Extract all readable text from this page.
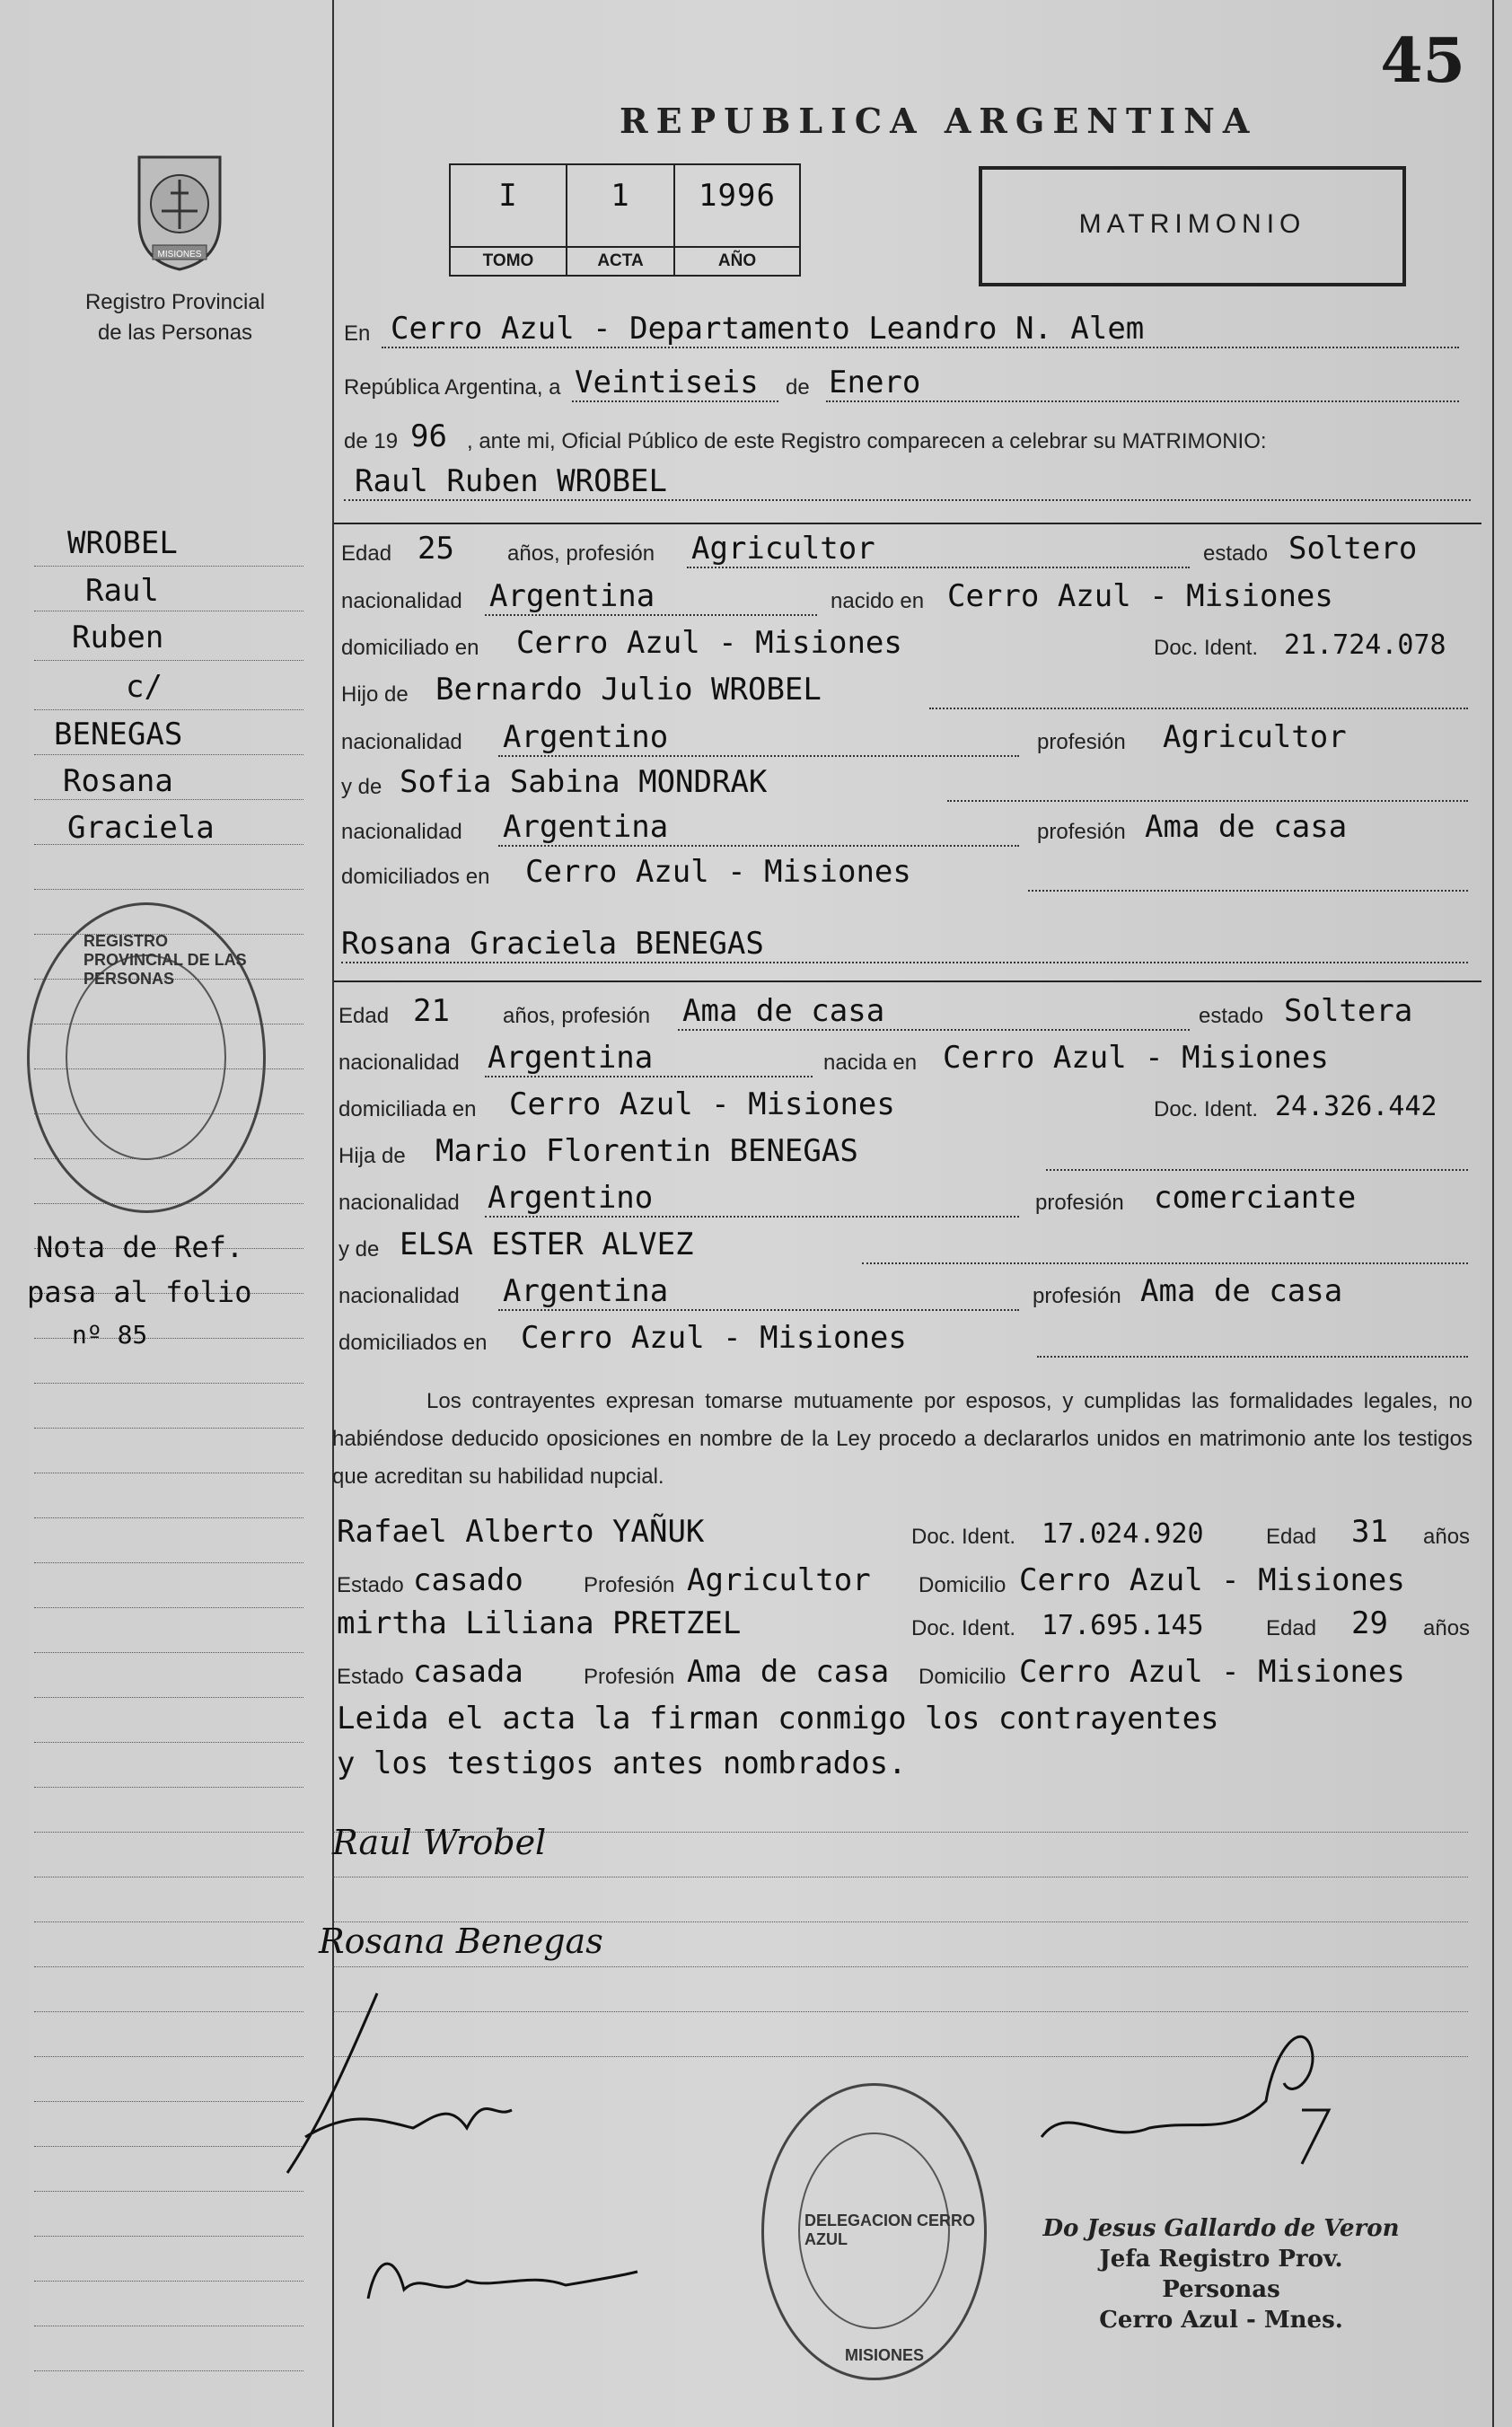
45
REPUBLICA ARGENTINA
MISIONES
Registro Provincial
de las Personas
I
TOMO
1
ACTA
1996
AÑO
MATRIMONIO
En Cerro Azul - Departamento Leandro N. Alem
República Argentina, a Veintiseis de Enero
de 19 96 , ante mi, Oficial Público de este Registro comparecen a celebrar su MATRIMONIO:
Raul Ruben WROBEL
Edad 25 años, profesión Agricultor	estado Soltero
nacionalidad Argentina	nacido en Cerro Azul - Misiones
domiciliado en Cerro Azul - Misiones	Doc. Ident. 21.724.078
Hijo de Bernardo Julio WROBEL
nacionalidad Argentino	profesión Agricultor
y de Sofia Sabina MONDRAK
nacionalidad Argentina	profesión Ama de casa
domiciliados en Cerro Azul - Misiones
Rosana Graciela BENEGAS
Edad 21 años, profesión Ama de casa	estado Soltera
nacionalidad Argentina	nacida en Cerro Azul - Misiones
domiciliada en Cerro Azul - Misiones	Doc. Ident. 24.326.442
Hija de Mario Florentin BENEGAS
nacionalidad Argentino	profesión comerciante
y de ELSA ESTER ALVEZ
nacionalidad Argentina	profesión Ama de casa
domiciliados en Cerro Azul - Misiones
Los contrayentes expresan tomarse mutuamente por esposos, y cumplidas las formalidades legales, no habiéndose deducido oposiciones en nombre de la Ley procedo a declararlos unidos en matrimonio ante los testigos que acreditan su habilidad nupcial.
Rafael Alberto YAÑUK	Doc. Ident. 17.024.920	Edad 31 años
Estado casado	Profesión Agricultor Domicilio Cerro Azul - Misiones
mirtha Liliana PRETZEL	Doc. Ident. 17.695.145	Edad 29 años
Estado casada	Profesión Ama de casa Domicilio Cerro Azul - Misiones
Leida el acta la firman conmigo los contrayentes
y los testigos antes nombrados.
Raul Wrobel
Rosana Benegas
REGISTRO PROVINCIAL DE LAS PERSONAS
DELEGACION CERRO AZUL
MISIONES
Do Jesus Gallardo de Veron
Jefa Registro Prov. Personas
Cerro Azul - Mnes.
WROBEL
Raul
Ruben
c/
BENEGAS
Rosana
Graciela
Nota de Ref.
pasa al folio
nº 85
